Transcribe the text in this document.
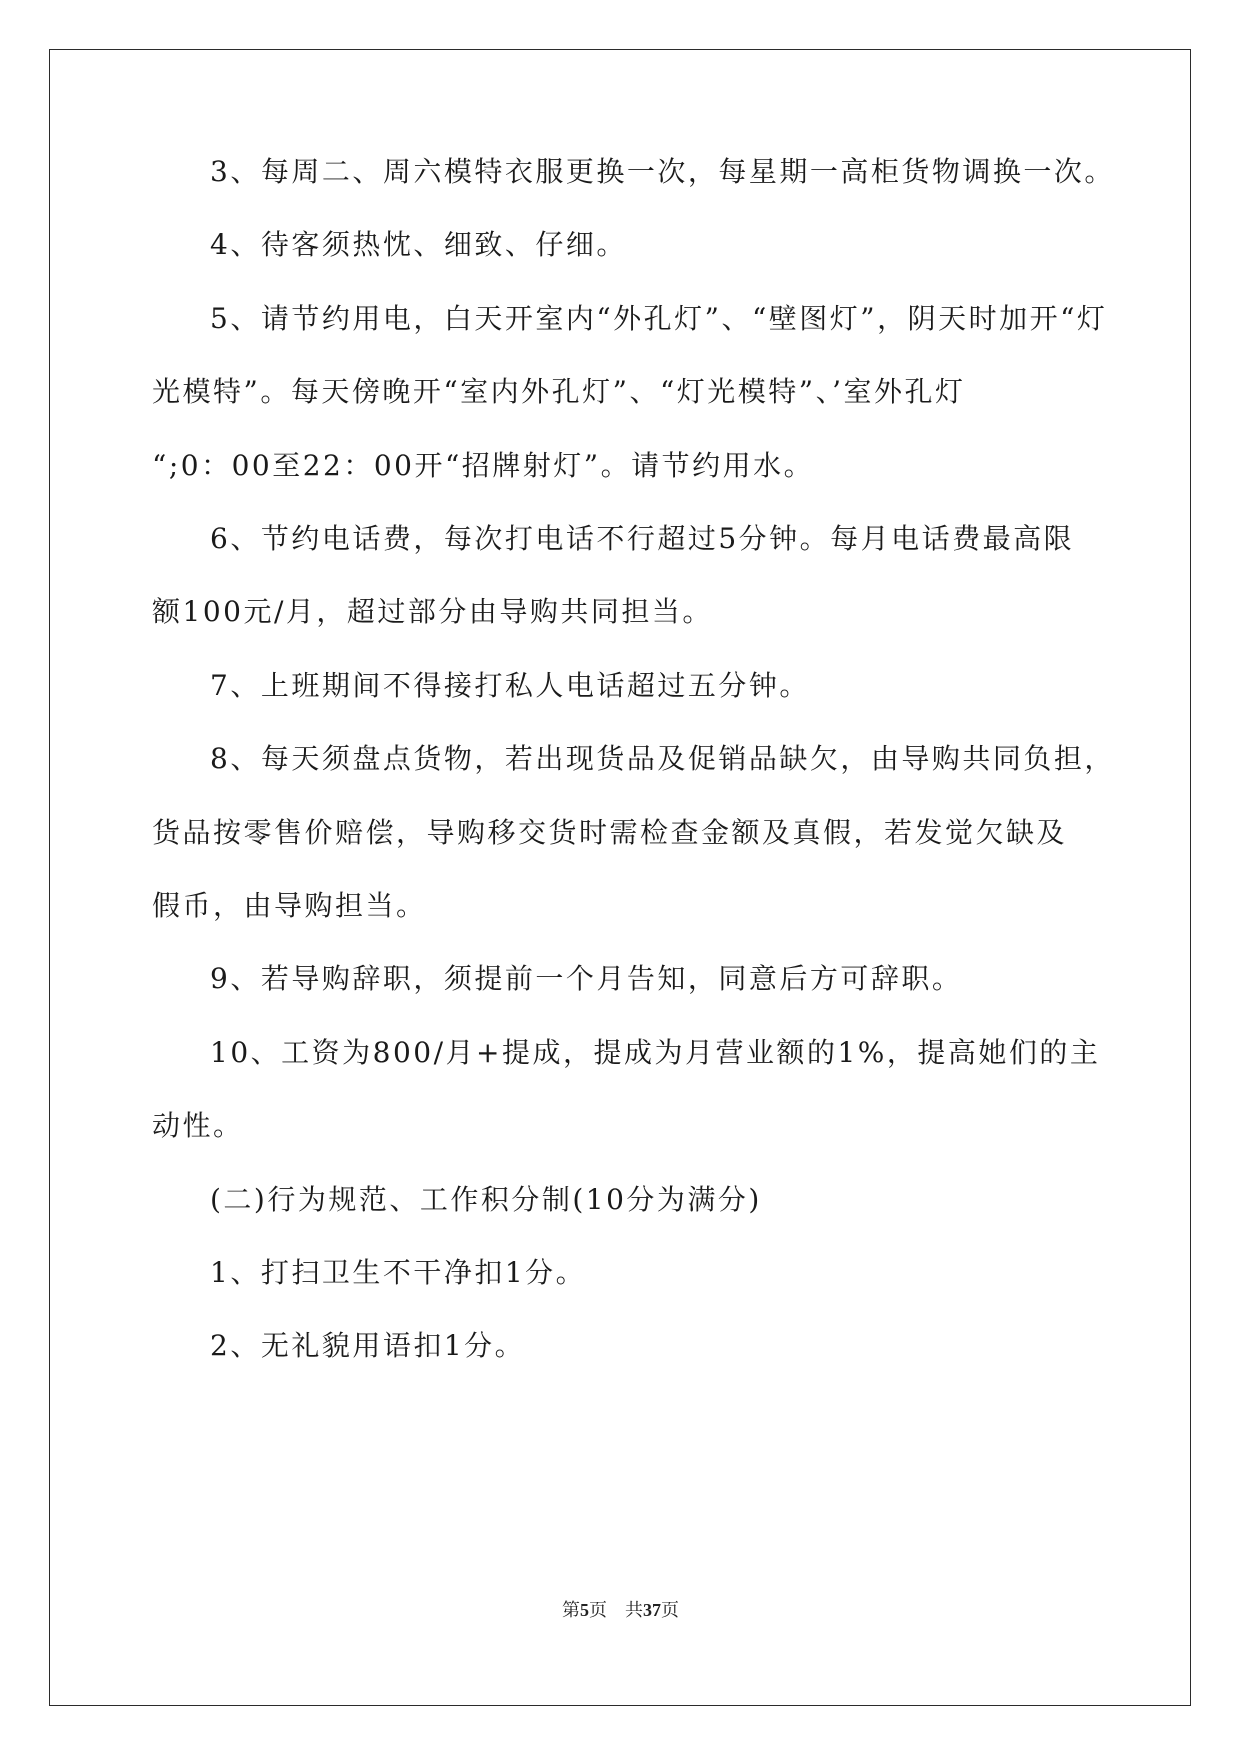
3、每周二、周六模特衣服更换一次，每星期一高柜货物调换一次。
4、待客须热忱、细致、仔细。
5、请节约用电，白天开室内“外孔灯”、“壁图灯”，阴天时加开“灯
光模特”。每天傍晚开“室内外孔灯”、“灯光模特”、’室外孔灯
“;0：00至22：00开“招牌射灯”。请节约用水。
6、节约电话费，每次打电话不行超过5分钟。每月电话费最高限
额100元/月，超过部分由导购共同担当。
7、上班期间不得接打私人电话超过五分钟。
8、每天须盘点货物，若出现货品及促销品缺欠，由导购共同负担，
货品按零售价赔偿，导购移交货时需检查金额及真假，若发觉欠缺及
假币，由导购担当。
9、若导购辞职，须提前一个月告知，同意后方可辞职。
10、工资为800/月+提成，提成为月营业额的1%，提高她们的主
动性。
(二)行为规范、工作积分制(10分为满分)
1、打扫卫生不干净扣1分。
2、无礼貌用语扣1分。
第5页 共37页
